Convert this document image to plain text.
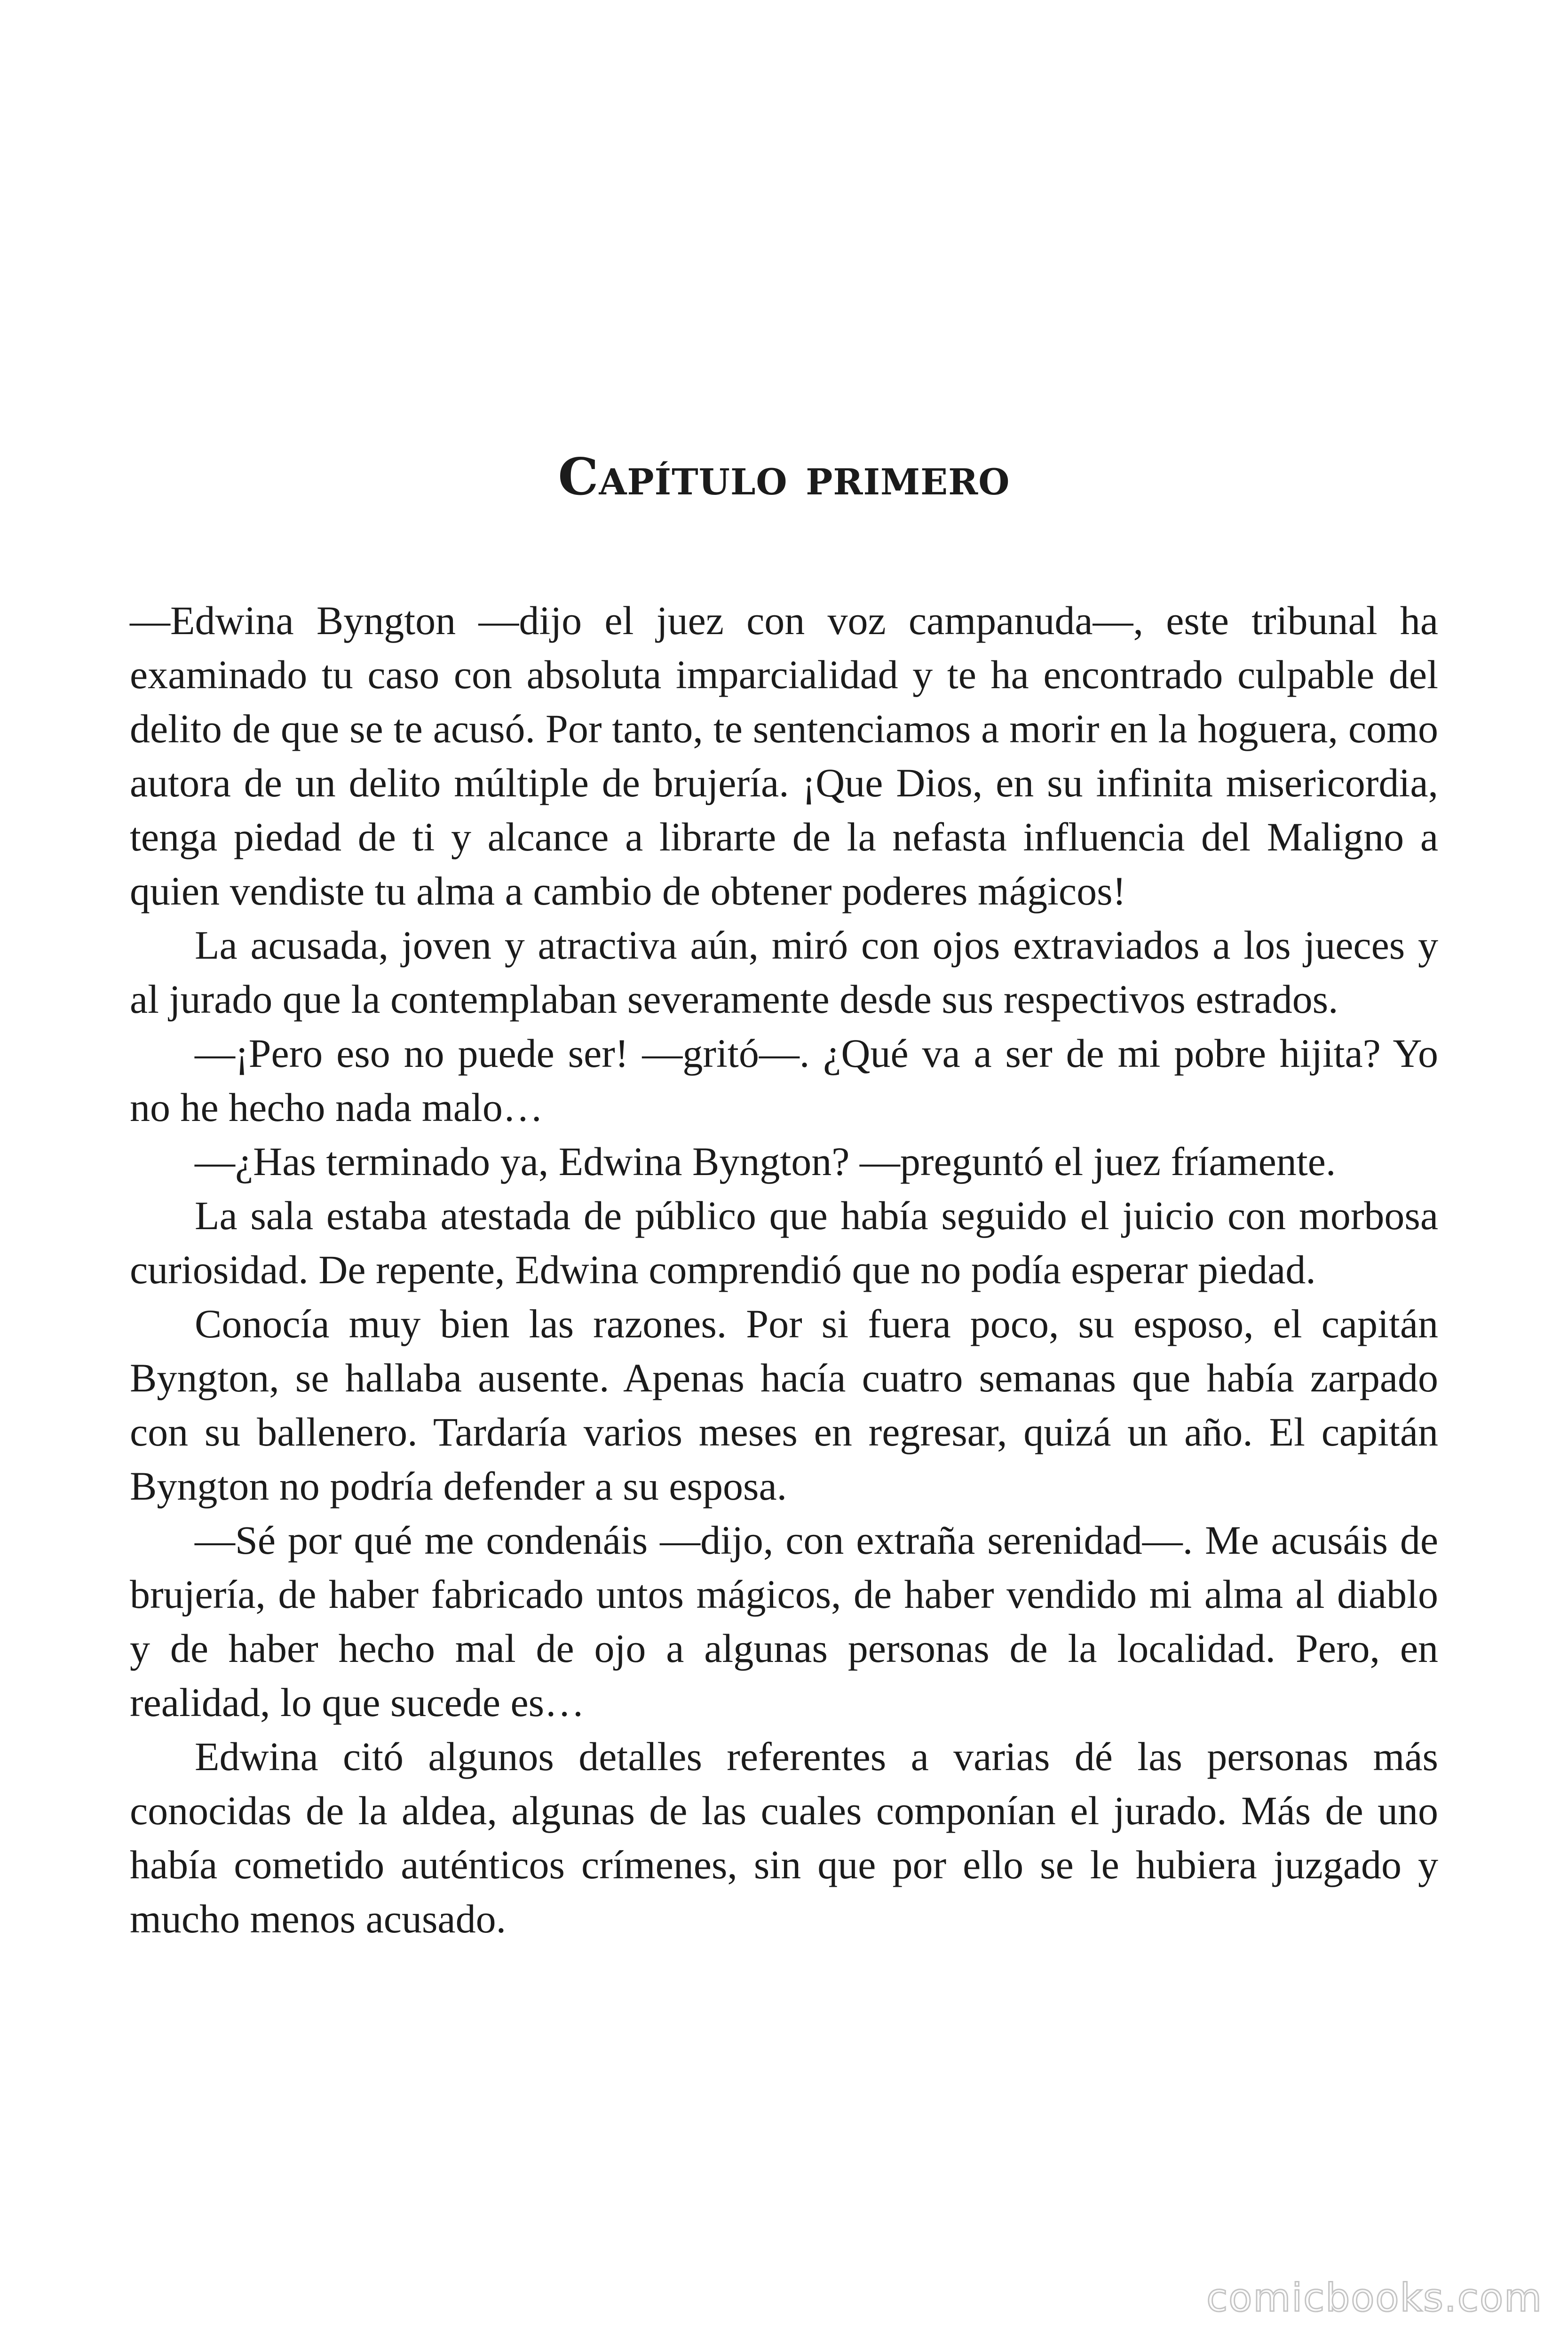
Capítulo primero

—Edwina Byngton —dijo el juez con voz campanuda—, este tribunal ha examinado tu caso con absoluta imparcialidad y te ha encontrado culpable del delito de que se te acusó. Por tanto, te sentenciamos a morir en la hoguera, como autora de un delito múltiple de brujería. ¡Que Dios, en su infinita misericordia, tenga piedad de ti y alcance a librarte de la nefasta influencia del Maligno a quien vendiste tu alma a cambio de obtener poderes mágicos!

La acusada, joven y atractiva aún, miró con ojos extraviados a los jueces y al jurado que la contemplaban severamente desde sus respectivos estrados.

—¡Pero eso no puede ser! —gritó—. ¿Qué va a ser de mi pobre hijita? Yo no he hecho nada malo…

—¿Has terminado ya, Edwina Byngton? —preguntó el juez fríamente.

La sala estaba atestada de público que había seguido el juicio con morbosa curiosidad. De repente, Edwina comprendió que no podía esperar piedad.

Conocía muy bien las razones. Por si fuera poco, su esposo, el capitán Byngton, se hallaba ausente. Apenas hacía cuatro semanas que había zarpado con su ballenero. Tardaría varios meses en regresar, quizá un año. El capitán Byngton no podría defender a su esposa.

—Sé por qué me condenáis —dijo, con extraña serenidad—. Me acusáis de brujería, de haber fabricado untos mágicos, de haber vendido mi alma al diablo y de haber hecho mal de ojo a algunas personas de la localidad. Pero, en realidad, lo que sucede es…

Edwina citó algunos detalles referentes a varias dé las personas más conocidas de la aldea, algunas de las cuales componían el jurado. Más de uno había cometido auténticos crímenes, sin que por ello se le hubiera juzgado y mucho menos acusado.

comicbooks.com
